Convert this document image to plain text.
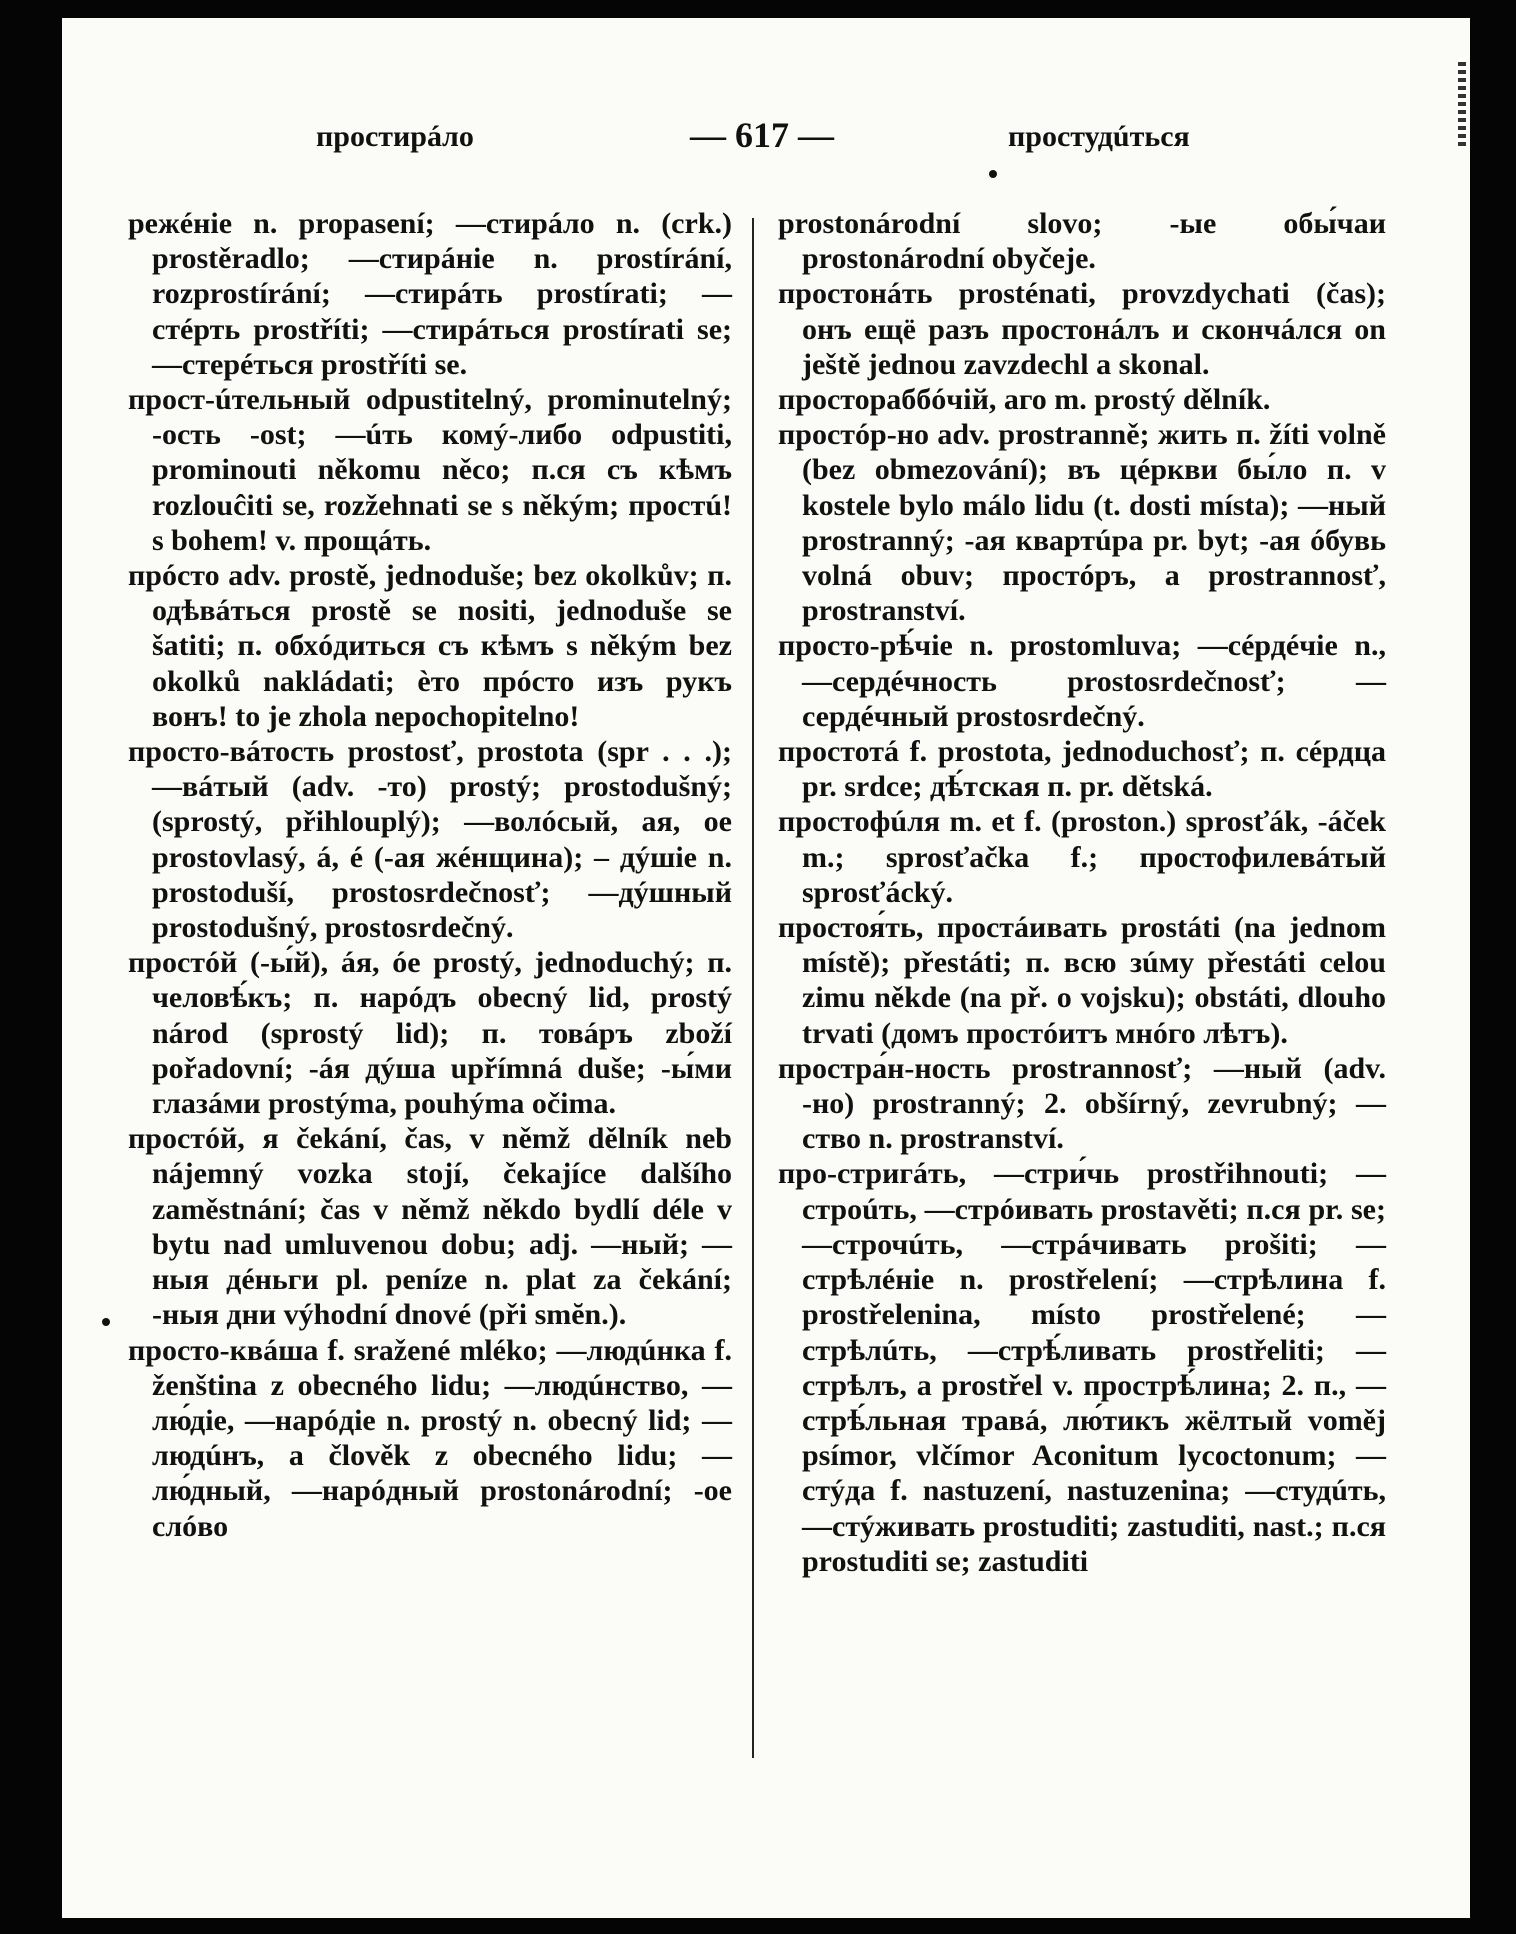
простирáло	— 617 —	простудúться

режéніе n. propasení; —стирáло n. (crk.) prostěradlo; —стирáніе n. prostírání, rozprostírání; —стирáть prostírati; —стéрть prostříti; —стирáться prostírati se; —стерéться prostříti se.

прост-úтельный odpustitelný, prominutelný; -ость -ost; —úть комý-либо odpustiti, prominouti někomu něco; п.ся съ кѣмъ rozlouĉiti se, rozžehnati se s někým; простú! s bohem! v. прощáть.

прóсто adv. prostě, jednoduše; bez okolkův; п. одѣвáться prostě se nositi, jednoduše se šatiti; п. обхóдиться съ кѣмъ s někým bez okolků nakládati; ѐто прóсто изъ рукъ вонъ! to je zhola nepochopitelno!

просто-вáтость prostosť, prostota (spr . . .); —вáтый (adv. -то) prostý; prostodušný; (sprostý, přihlouplý); —волóсый, ая, ое prostovlasý, á, é (-ая жéнщина); – дýшіе n. prostoduší, prostosrdečnosť; —дýшный prostodušný, prostosrdečný.

простóй (-ы́й), áя, óе prostý, jednoduchý; п. человѣ́къ; п. нарóдъ obecný lid, prostý národ (sprostý lid); п. товáръ zboží pořadovní; -áя дýша upřímná duše; -ы́ми глазáми prostýma, pouhýma očima.

простóй, я čekání, čas, v němž dělník neb nájemný vozka stojí, čekajíce dalšího zaměstnání; čas v němž někdo bydlí déle v bytu nad umluvenou dobu; adj. —ный; —ныя дéньги pl. peníze n. plat za čekání; -ныя дни výhodní dnové (při smĕn.).

просто-квáша f. sražené mléko; —людúнка f. ženština z obecného lidu; —людúнство, —лю́діе, —нарóдіе n. prostý n. obecný lid; —людúнъ, a člověk z obecného lidu; —лю́дный, —нарóдный prostonárodní; -ое слóво

prostonárodní slovo; -ые обы́чаи prostonárodní obyčeje.

простонáть prosténati, provzdychati (čas); онъ ещё разъ простонáлъ и скончáлся on ještě jednou zavzdechl a skonal.

простораббóчій, аго m. prostý dělník.

простóр-но adv. prostranně; жить п. žíti volně (bez obmezování); въ цéркви бы́ло п. v kostele bylo málo lidu (t. dosti místa); —ный prostranný; -ая квартúра pr. byt; -ая óбувь volná obuv; простóръ, a prostrannosť, prostranství.

просто-рѣ́чіе n. prostomluva; —сéрдéчіе n., —сердéчность prostosrdečnosť; —сердéчный prostosrdečný.

простотá f. prostota, jednoduchosť; п. сéрдца pr. srdce; дѣ́тская п. pr. dětská.

простофúля m. et f. (proston.) sprosťák, -áček m.; sprosťačka f.; простофилевáтый sprosťácký.

простоя́ть, простáивать prostáti (na jednom místě); přestáti; п. всю зúму přestáti celou zimu někde (na př. o vojsku); obstáti, dlouho trvati (домъ простóитъ мнóго лѣтъ).

простра́н-ность prostrannosť; —ный (adv. -но) prostranný; 2. obšírný, zevrubný; —ство n. prostranství.

про-стригáть, —стри́чь prostřihnouti; —строúть, —стрóивать prostavěti; п.ся pr. se; —строчúть, —стрáчивать prošiti; —стрѣлéніе n. prostřelení; —стрѣлина f. prostřelenina, místo prostřelené; —стрѣлúть, —стрѣ́ливать prostřeliti; —стрѣлъ, a prostřel v. прострѣ́лина; 2. п., —стрѣ́льная травá, лю́тикъ жёлтый voměj psímor, vlčímor Aconitum lycoctonum; —стýда f. nastuzení, nastuzenina; —студúть, —стýживать prostuditi; zastuditi, nast.; п.ся prostuditi se; zastuditi
